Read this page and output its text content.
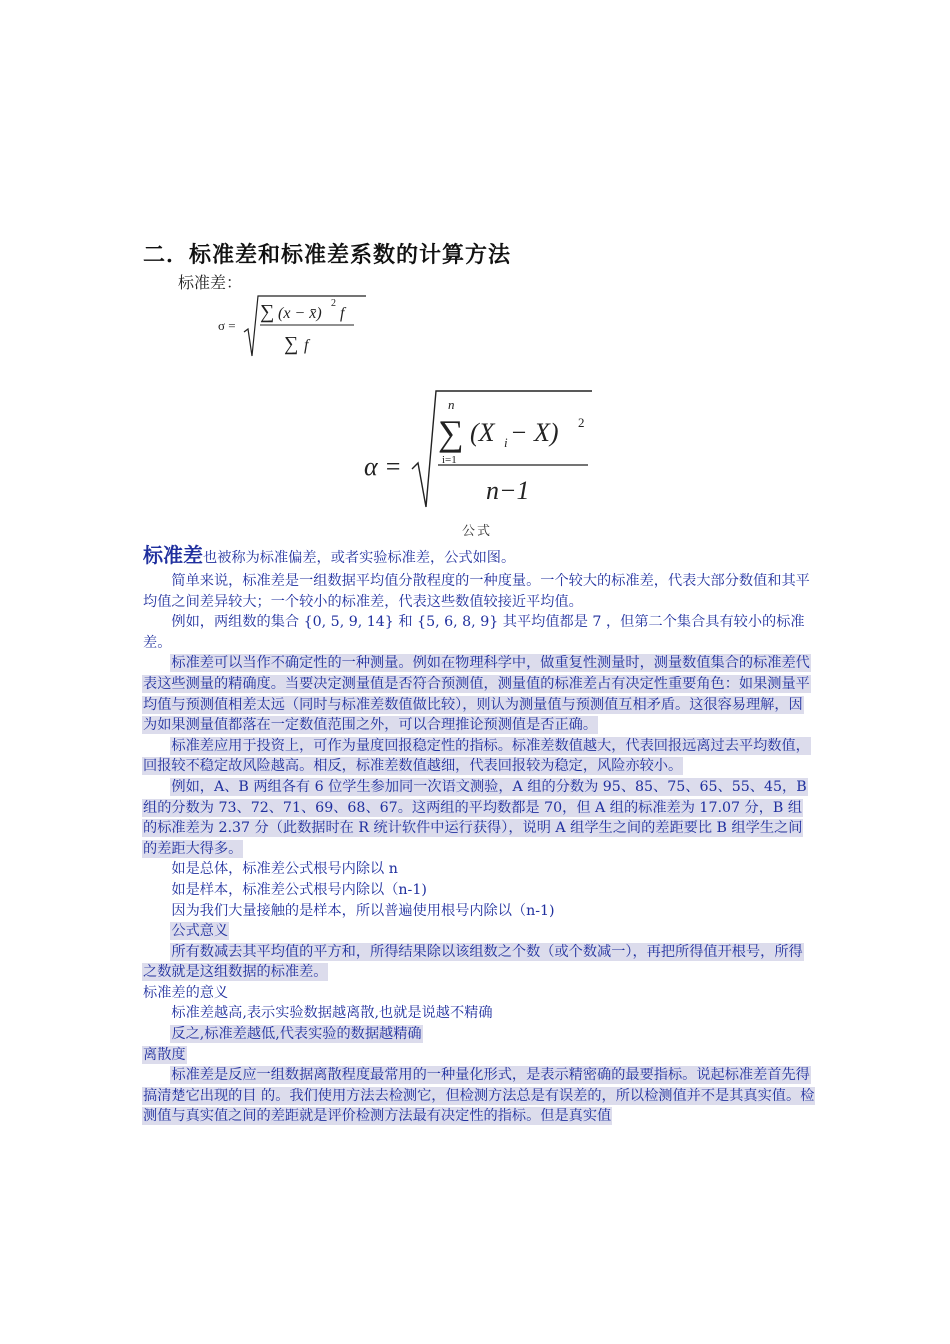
二．标准差和标准差系数的计算方法
标准差：
σ =
∑ (x − x̄)
2
f
∑ f
α =
n
∑
i=1
(X i − X) 2
n−1
公式

标准差也被称为标准偏差，或者实验标准差，公式如图。

简单来说，标准差是一组数据平均值分散程度的一种度量。一个较大的标准差，代表大部分数值和其平均值之间差异较大；一个较小的标准差，代表这些数值较接近平均值。

例如，两组数的集合 {0, 5, 9, 14} 和 {5, 6, 8, 9} 其平均值都是 7 ，但第二个集合具有较小的标准差。

标准差可以当作不确定性的一种测量。例如在物理科学中，做重复性测量时，测量数值集合的标准差代表这些测量的精确度。当要决定测量值是否符合预测值，测量值的标准差占有决定性重要角色：如果测量平均值与预测值相差太远（同时与标准差数值做比较），则认为测量值与预测值互相矛盾。这很容易理解，因为如果测量值都落在一定数值范围之外，可以合理推论预测值是否正确。

标准差应用于投资上，可作为量度回报稳定性的指标。标准差数值越大，代表回报远离过去平均数值，回报较不稳定故风险越高。相反，标准差数值越细，代表回报较为稳定，风险亦较小。

例如，A、B 两组各有 6 位学生参加同一次语文测验，A 组的分数为 95、85、75、65、55、45，B 组的分数为 73、72、71、69、68、67。这两组的平均数都是 70，但 A 组的标准差为 17.07 分，B 组的标准差为 2.37 分（此数据时在 R 统计软件中运行获得），说明 A 组学生之间的差距要比 B 组学生之间的差距大得多。

如是总体，标准差公式根号内除以 n

如是样本，标准差公式根号内除以（n-1)

因为我们大量接触的是样本，所以普遍使用根号内除以（n-1)

公式意义

所有数减去其平均值的平方和，所得结果除以该组数之个数（或个数减一），再把所得值开根号，所得之数就是这组数据的标准差。

标准差的意义

标准差越高,表示实验数据越离散,也就是说越不精确

反之,标准差越低,代表实验的数据越精确

离散度

标准差是反应一组数据离散程度最常用的一种量化形式，是表示精密确的最要指标。说起标准差首先得搞清楚它出现的目 的。我们使用方法去检测它，但检测方法总是有误差的，所以检测值并不是其真实值。检测值与真实值之间的差距就是评价检测方法最有决定性的指标。但是真实值
